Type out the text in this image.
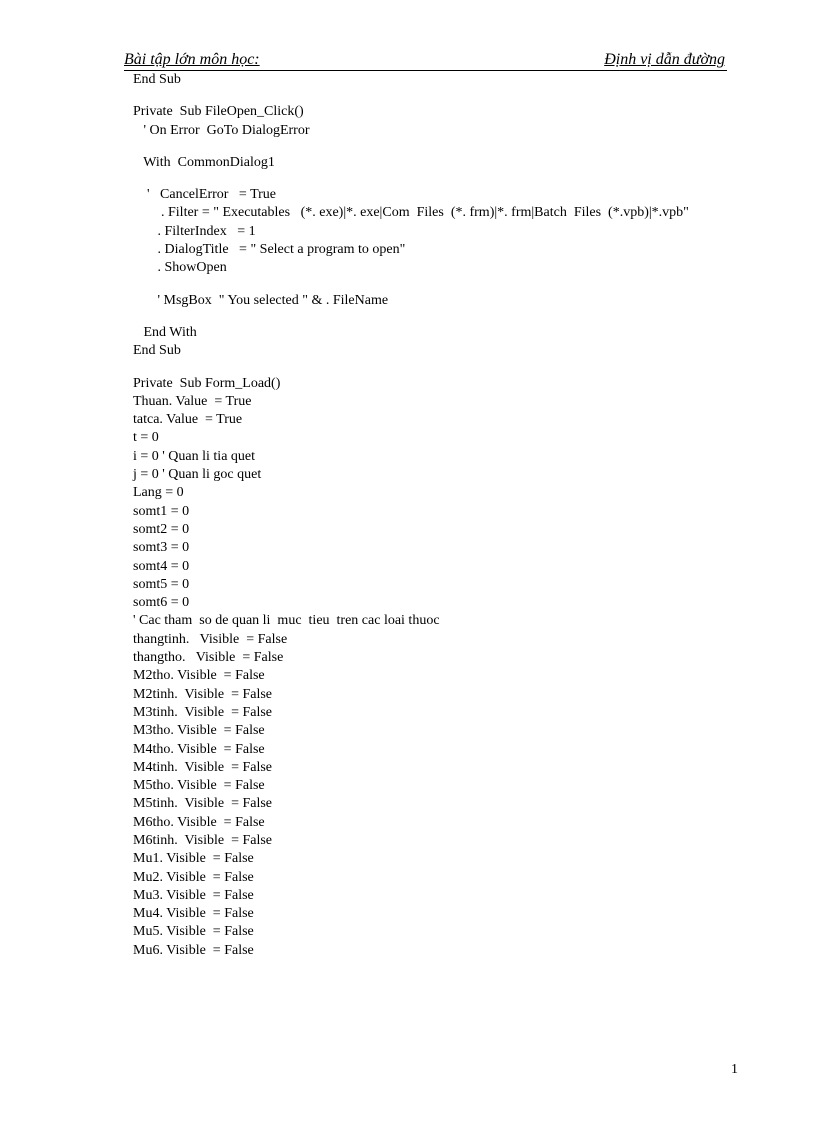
Bài tập lớn môn học:	Định vị dẫn đường
End Sub
Private  Sub FileOpen_Click()
' On Error  GoTo DialogError
With  CommonDialog1
'   CancelError   = True
. Filter = " Executables   (*. exe)|*. exe|Com  Files  (*. frm)|*. frm|Batch  Files  (*.vpb)|*.vpb"
. FilterIndex   = 1
. DialogTitle   = " Select a program to open"
. ShowOpen
' MsgBox  " You selected " & . FileName
End With
End Sub
Private  Sub Form_Load()
Thuan. Value  = True
tatca. Value  = True
t = 0
i = 0 ' Quan li tia quet
j = 0 ' Quan li goc quet
Lang = 0
somt1 = 0
somt2 = 0
somt3 = 0
somt4 = 0
somt5 = 0
somt6 = 0
' Cac tham  so de quan li  muc  tieu  tren cac loai thuoc
thangtinh.   Visible  = False
thangtho.   Visible  = False
M2tho. Visible  = False
M2tinh.  Visible  = False
M3tinh.  Visible  = False
M3tho. Visible  = False
M4tho. Visible  = False
M4tinh.  Visible  = False
M5tho. Visible  = False
M5tinh.  Visible  = False
M6tho. Visible  = False
M6tinh.  Visible  = False
Mu1. Visible  = False
Mu2. Visible  = False
Mu3. Visible  = False
Mu4. Visible  = False
Mu5. Visible  = False
Mu6. Visible  = False
1
